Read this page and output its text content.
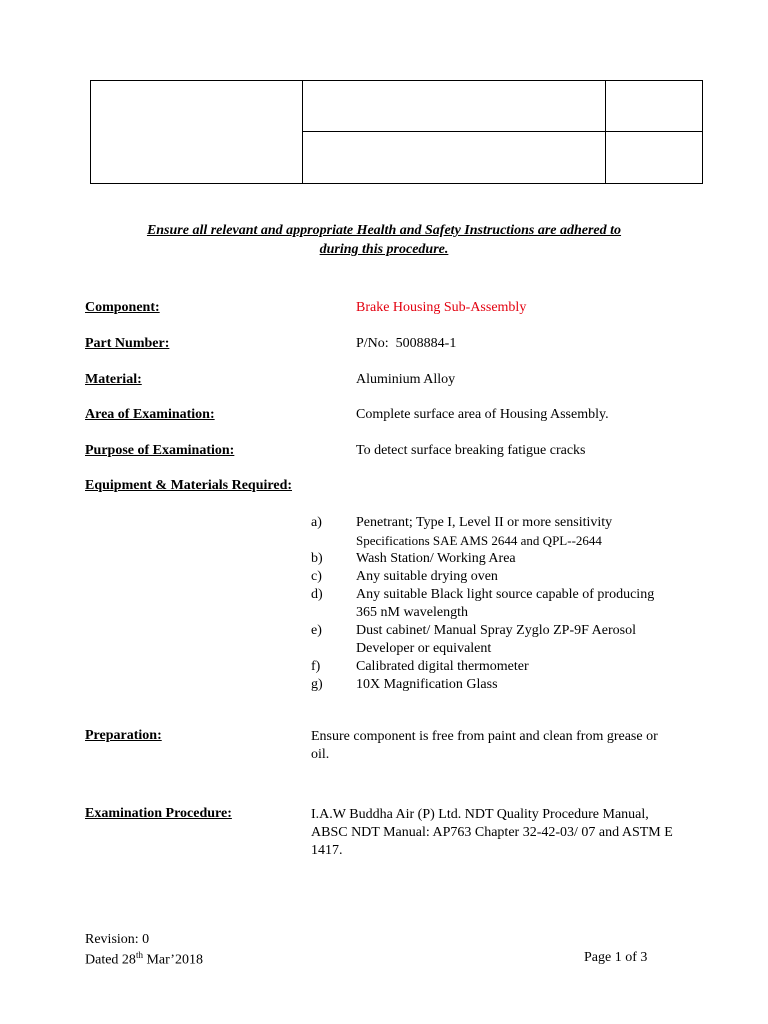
Ensure all relevant and appropriate Health and Safety Instructions are adhered to
during this procedure.
Component:	Brake Housing Sub-Assembly
Part Number:	P/No:  5008884-1
Material:	Aluminium Alloy
Area of Examination:	Complete surface area of Housing Assembly.
Purpose of Examination:	To detect surface breaking fatigue cracks
Equipment & Materials Required:
a)	Penetrant; Type I, Level II or more sensitivity
Specifications SAE AMS 2644 and QPL--2644
b)	Wash Station/ Working Area
c)	Any suitable drying oven
d)	Any suitable Black light source capable of producing
365 nM wavelength
e)	Dust cabinet/ Manual Spray Zyglo ZP-9F Aerosol
Developer or equivalent
f)	Calibrated digital thermometer
g)	10X Magnification Glass
Preparation:	Ensure component is free from paint and clean from grease or
oil.
Examination Procedure:	I.A.W Buddha Air (P) Ltd. NDT Quality Procedure Manual,
ABSC NDT Manual: AP763 Chapter 32-42-03/ 07 and ASTM E
1417.
Revision: 0
Dated 28th Mar’2018	Page 1 of 3
